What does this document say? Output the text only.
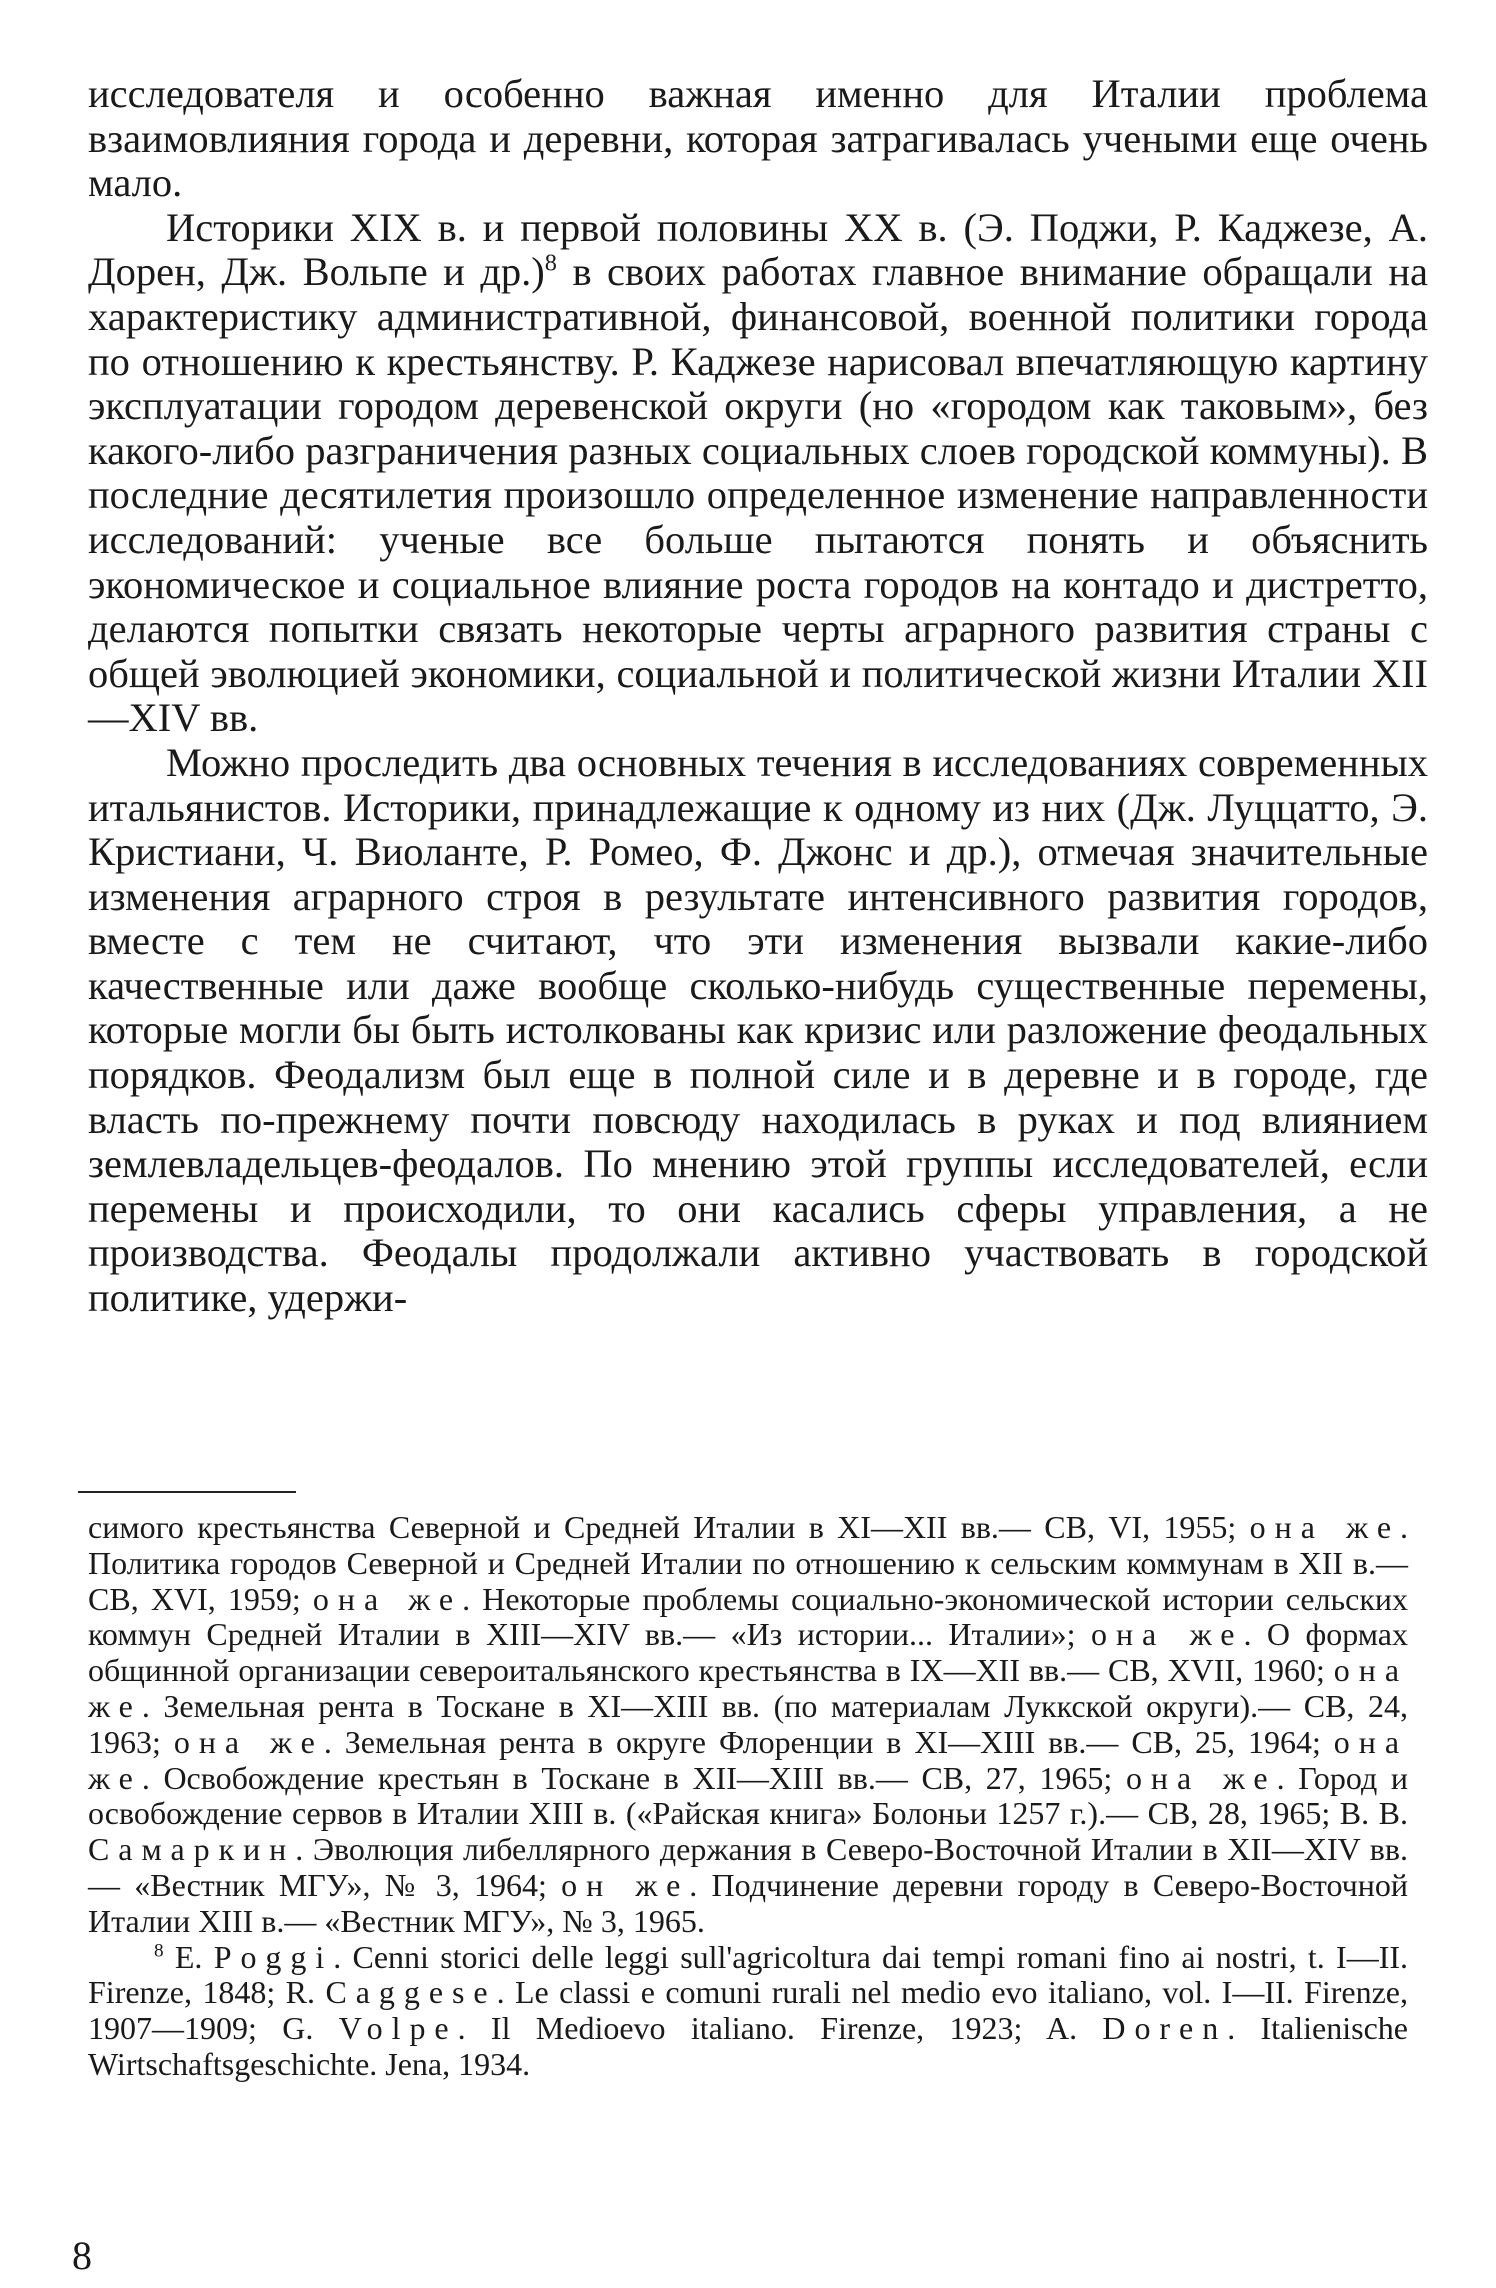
исследователя и особенно важная именно для Италии проблема взаимовлияния города и деревни, которая затрагивалась учеными еще очень мало.

Историки XIX в. и первой половины XX в. (Э. Поджи, Р. Каджезе, А. Дорен, Дж. Вольпе и др.)$^8$ в своих работах главное внимание обращали на характеристику административной, финансовой, военной политики города по отношению к крестьянству. Р. Каджезе нарисовал впечатляющую картину эксплуатации городом деревенской округи (но «городом как таковым», без какого-либо разграничения разных социальных слоев городской коммуны). В последние десятилетия произошло определенное изменение направленности исследований: ученые все больше пытаются понять и объяснить экономическое и социальное влияние роста городов на контадо и дистретто, делаются попытки связать некоторые черты аграрного развития страны с общей эволюцией экономики, социальной и политической жизни Италии XII—XIV вв.

Можно проследить два основных течения в исследованиях современных итальянистов. Историки, принадлежащие к одному из них (Дж. Луццатто, Э. Кристиани, Ч. Виоланте, Р. Ромео, Ф. Джонс и др.), отмечая значительные изменения аграрного строя в результате интенсивного развития городов, вместе с тем не считают, что эти изменения вызвали какие-либо качественные или даже вообще сколько-нибудь существенные перемены, которые могли бы быть истолкованы как кризис или разложение феодальных порядков. Феодализм был еще в полной силе и в деревне и в городе, где власть по-прежнему почти повсюду находилась в руках и под влиянием землевладельцев-феодалов. По мнению этой группы исследователей, если перемены и происходили, то они касались сферы управления, а не производства. Феодалы продолжали активно участвовать в городской политике, удержи-

симого крестьянства Северной и Средней Италии в XI—XII вв.— СВ, VI, 1955; она же. Политика городов Северной и Средней Италии по отношению к сельским коммунам в XII в.— СВ, XVI, 1959; она же. Некоторые проблемы социально-экономической истории сельских коммун Средней Италии в XIII—XIV вв.— «Из истории... Италии»; она же. О формах общинной организации североитальянского крестьянства в IX—XII вв.— СВ, XVII, 1960; она же. Земельная рента в Тоскане в XI—XIII вв. (по материалам Луккской округи).— СВ, 24, 1963; она же. Земельная рента в округе Флоренции в XI—XIII вв.— СВ, 25, 1964; она же. Освобождение крестьян в Тоскане в XII—XIII вв.— СВ, 27, 1965; она же. Город и освобождение сервов в Италии XIII в. («Райская книга» Болоньи 1257 г.).— СВ, 28, 1965; В. В. Самаркин. Эволюция либеллярного держания в Северо-Восточной Италии в XII—XIV вв.— «Вестник МГУ», № 3, 1964; он же. Подчинение деревни городу в Северо-Восточной Италии XIII в.— «Вестник МГУ», № 3, 1965.

$^8$ E. Poggi. Cenni storici delle leggi sull'agricoltura dai tempi romani fino ai nostri, t. I—II. Firenze, 1848; R. Caggese. Le classi e comuni rurali nel medio evo italiano, vol. I—II. Firenze, 1907—1909; G. Volpe. Il Medioevo italiano. Firenze, 1923; A. Doren. Italienische Wirtschaftsgeschichte. Jena, 1934.

8
